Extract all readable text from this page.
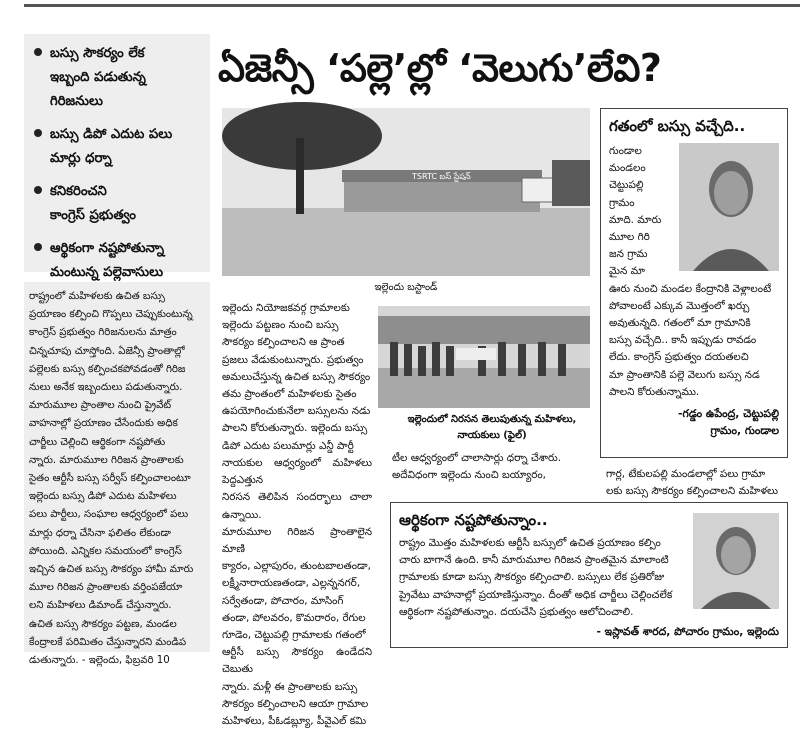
బస్సు సౌకర్యం లేక
ఇబ్బంది పడుతున్న
గిరిజనులు
బస్సు డిపో ఎదుట పలు
మార్లు ధర్నా
కనికరించని
కాంగ్రెస్ ప్రభుత్వం
ఆర్థికంగా నష్టపోతున్నా
మంటున్న పల్లెవాసులు
ఏజెన్సీ ‘పల్లె’ల్లో ‘వెలుగు’లేవి?
రాష్ట్రంలో మహిళలకు ఉచిత బస్సు
ప్రయాణం కల్పించి గొప్పలు చెప్పుకుంటున్న
కాంగ్రెస్ ప్రభుత్వం గిరిజనులను మాత్రం
చిన్నచూపు చూస్తోంది. ఏజెన్సీ ప్రాంతాల్లో
పల్లెలకు బస్సు కల్పించకపోవడంతో గిరిజ
నులు అనేక ఇబ్బందులు పడుతున్నారు.
మారుమూల ప్రాంతాల నుంచి ప్రైవేట్
వాహనాల్లో ప్రయాణం చేసేందుకు అధిక
చార్జీలు చెల్లించి ఆర్థికంగా నష్టపోతు
న్నారు. మారుమూల గిరిజన ప్రాంతాలకు
సైతం ఆర్టీసీ బస్సు సర్వీస్ కల్పించాలంటూ
ఇల్లెందు బస్సు డిపో ఎదుట మహిళలు
పలు పార్టీలు, సంఘాల ఆధ్వర్యంలో పలు
మార్లు ధర్నా చేసినా ఫలితం లేకుండా
పోయింది. ఎన్నికల సమయంలో కాంగ్రెస్
ఇచ్చిన ఉచిత బస్సు సౌకర్యం హామీ మారు
మూల గిరిజన ప్రాంతాలకు వర్తింపజేయా
లని మహిళలు డిమాండ్ చేస్తున్నారు.
ఉచిత బస్సు సౌకర్యం పట్టణ, మండల
కేంద్రాలకే పరిమితం చేస్తున్నారని మండిప
డుతున్నారు. - ఇల్లెందు, ఫిబ్రవరి 10
TSRTC బస్ స్టేషన్
ఇల్లెందు బస్టాండ్
ఇల్లెందులో నిరసన తెలుపుతున్న మహిళలు,
నాయకులు (ఫైల్)
ఇల్లెందు నియోజకవర్గ గ్రామాలకు
ఇల్లెందు పట్టణం నుంచి బస్సు
సౌకర్యం కల్పించాలని ఆ ప్రాంత
ప్రజలు వేడుకుంటున్నారు. ప్రభుత్వం
అమలుచేస్తున్న ఉచిత బస్సు సౌకర్యం
తమ ప్రాంతంలో మహిళలకు సైతం
ఉపయోగించుకునేలా బస్సులను నడు
పాలని కోరుతున్నారు. ఇల్లెందు బస్సు
డిపో ఎదుట పలుమార్లు ఎన్డీ పార్టీ
నాయకుల ఆధ్వర్యంలో మహిళలు పెద్దఎత్తున
నిరసన తెలిపిన సందర్భాలు చాలా ఉన్నాయి.
మారుమూల గిరిజన ప్రాంతాలైన మాణి
క్యారం, ఎల్లాపురం, తుంటబాలతండా,
లక్ష్మీనారాయణతండా, ఎల్లన్ననగర్,
సర్వేతండా, పోచారం, మాసింగ్
తండా, పోలవరం, కొమరారం, రేగుల
గూడెం, చెట్టుపల్లి గ్రామాలకు గతంలో
ఆర్టీసీ బస్సు సౌకర్యం ఉండేదని చెబుతు
న్నారు. మళ్లీ ఈ ప్రాంతాలకు బస్సు
సౌకర్యం కల్పించాలని ఆయా గ్రామాల
మహిళలు, పీఓడబ్ల్యూ, పీవైఎల్ కమి
టీల ఆధ్వర్యంలో చాలాసార్లు ధర్నా చేశారు.
అదేవిధంగా ఇల్లెందు నుంచి బయ్యారం,	గార్ల, టేకులపల్లి మండలాల్లో పలు గ్రామా
లకు బస్సు సౌకర్యం కల్పించాలని మహిళలు
గతంలో బస్సు వచ్చేది..
గుండాల
మండలం
చెట్టుపల్లి
గ్రామం
మాది. మారు
మూల గిరి
జన గ్రామ
మైన మా
ఊరు నుంచి మండల కేంద్రానికి వెళ్లాలంటే
పోవాలంటే ఎక్కువ మొత్తంలో ఖర్చు
అవుతున్నది. గతంలో మా గ్రామానికి
బస్సు వచ్చేది.. కానీ ఇప్పుడు రావడం
లేదు. కాంగ్రెస్ ప్రభుత్వం దయతలచి
మా ప్రాంతానికి పల్లె వెలుగు బస్సు నడ
పాలని కోరుతున్నాము.
-గడ్డం ఉపేంద్ర, చెట్టుపల్లి
గ్రామం, గుండాల
ఆర్థికంగా నష్టపోతున్నాం..
రాష్ట్రం మొత్తం మహిళలకు ఆర్టీసీ బస్సులో ఉచిత ప్రయాణం కల్పిం
చారు బాగానే ఉంది. కానీ మారుమూల గిరిజన ప్రాంతమైన మాలాంటి
గ్రామాలకు కూడా బస్సు సౌకర్యం కల్పించాలి. బస్సులు లేక ప్రతిరోజు
ప్రైవేటు వాహనాల్లో ప్రయాణిస్తున్నాం. దీంతో అధిక చార్జీలు చెల్లించలేక
ఆర్థికంగా నష్టపోతున్నాం. దయచేసి ప్రభుత్వం ఆలోచించాలి.
- ఇస్లావత్ శారద, పోచారం గ్రామం, ఇల్లెందు
